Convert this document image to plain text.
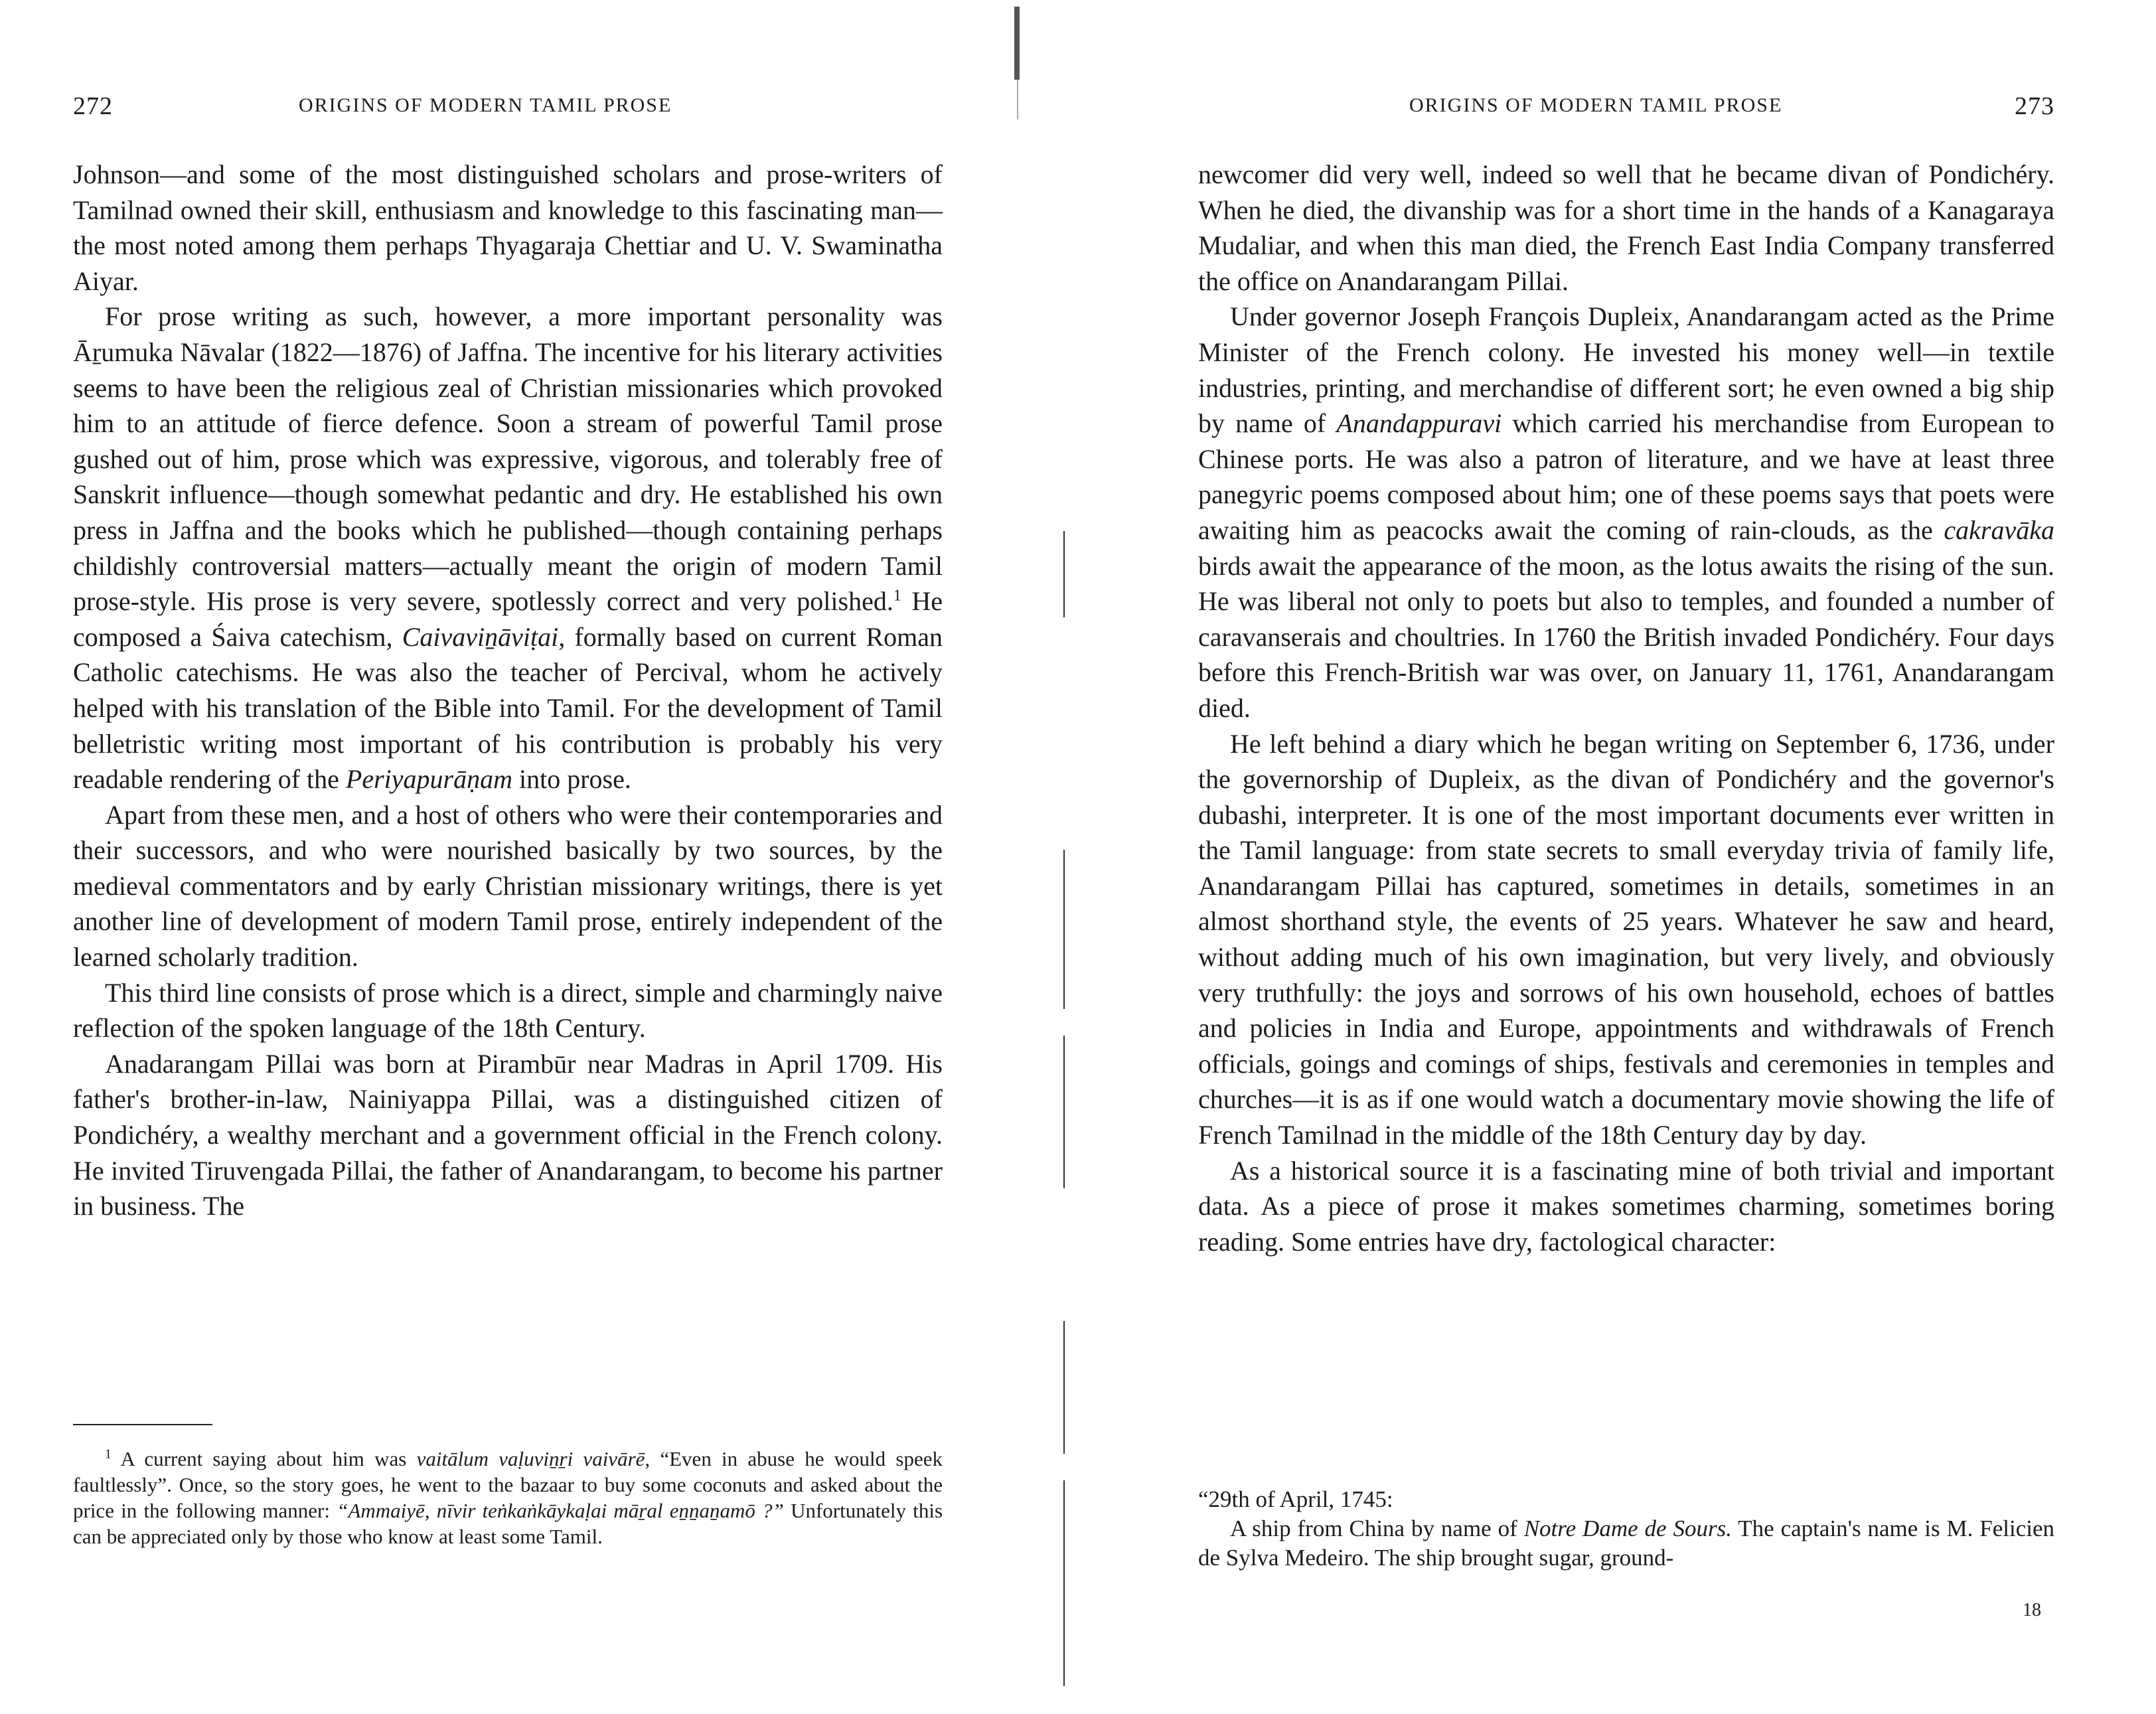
272	ORIGINS OF MODERN TAMIL PROSE

Johnson—and some of the most distinguished scholars and prose-writers of Tamilnad owned their skill, enthusiasm and knowledge to this fascinating man—the most noted among them perhaps Thyagaraja Chettiar and U. V. Swaminatha Aiyar.

For prose writing as such, however, a more important personality was Āṟumuka Nāvalar (1822—1876) of Jaffna. The incentive for his literary activities seems to have been the religious zeal of Christian missionaries which provoked him to an attitude of fierce defence. Soon a stream of powerful Tamil prose gushed out of him, prose which was expressive, vigorous, and tolerably free of Sanskrit influence—though somewhat pedantic and dry. He established his own press in Jaffna and the books which he published—though containing perhaps childishly controversial matters—actually meant the origin of modern Tamil prose-style. His prose is very severe, spotlessly correct and very polished.$^1$ He composed a Śaiva catechism, Caivaviṉāviṭai, formally based on current Roman Catholic catechisms. He was also the teacher of Percival, whom he actively helped with his translation of the Bible into Tamil. For the development of Tamil belletristic writing most important of his contribution is probably his very readable rendering of the Periyapurāṇam into prose.

Apart from these men, and a host of others who were their contemporaries and their successors, and who were nourished basically by two sources, by the medieval commentators and by early Christian missionary writings, there is yet another line of development of modern Tamil prose, entirely independent of the learned scholarly tradition.

This third line consists of prose which is a direct, simple and charmingly naive reflection of the spoken language of the 18th Century.

Anadarangam Pillai was born at Pirambūr near Madras in April 1709. His father's brother-in-law, Nainiyappa Pillai, was a distinguished citizen of Pondichéry, a wealthy merchant and a government official in the French colony. He invited Tiruvengada Pillai, the father of Anandarangam, to become his partner in business. The

$^1$ A current saying about him was vaitālum vaḷuviṉṟi vaivārē, “Even in abuse he would speek faultlessly”. Once, so the story goes, he went to the bazaar to buy some coconuts and asked about the price in the following manner: “Ammaiyē, nīvir teṅkaṅkāykaḷai māṟal eṉṉaṉamō ?” Unfortunately this can be appreciated only by those who know at least some Tamil.

ORIGINS OF MODERN TAMIL PROSE	273

newcomer did very well, indeed so well that he became divan of Pondichéry. When he died, the divanship was for a short time in the hands of a Kanagaraya Mudaliar, and when this man died, the French East India Company transferred the office on Anandarangam Pillai.

Under governor Joseph François Dupleix, Anandarangam acted as the Prime Minister of the French colony. He invested his money well—in textile industries, printing, and merchandise of different sort; he even owned a big ship by name of Anandappuravi which carried his merchandise from European to Chinese ports. He was also a patron of literature, and we have at least three panegyric poems composed about him; one of these poems says that poets were awaiting him as peacocks await the coming of rain-clouds, as the cakravāka birds await the appearance of the moon, as the lotus awaits the rising of the sun. He was liberal not only to poets but also to temples, and founded a number of caravanserais and choultries. In 1760 the British invaded Pondichéry. Four days before this French-British war was over, on January 11, 1761, Anandarangam died.

He left behind a diary which he began writing on September 6, 1736, under the governorship of Dupleix, as the divan of Pondichéry and the governor's dubashi, interpreter. It is one of the most important documents ever written in the Tamil language: from state secrets to small everyday trivia of family life, Anandarangam Pillai has captured, sometimes in details, sometimes in an almost shorthand style, the events of 25 years. Whatever he saw and heard, without adding much of his own imagination, but very lively, and obviously very truthfully: the joys and sorrows of his own household, echoes of battles and policies in India and Europe, appointments and withdrawals of French officials, goings and comings of ships, festivals and ceremonies in temples and churches—it is as if one would watch a documentary movie showing the life of French Tamilnad in the middle of the 18th Century day by day.

As a historical source it is a fascinating mine of both trivial and important data. As a piece of prose it makes sometimes charming, sometimes boring reading. Some entries have dry, factological character:

“29th of April, 1745:

A ship from China by name of Notre Dame de Sours. The captain's name is M. Felicien de Sylva Medeiro. The ship brought sugar, ground-

18
